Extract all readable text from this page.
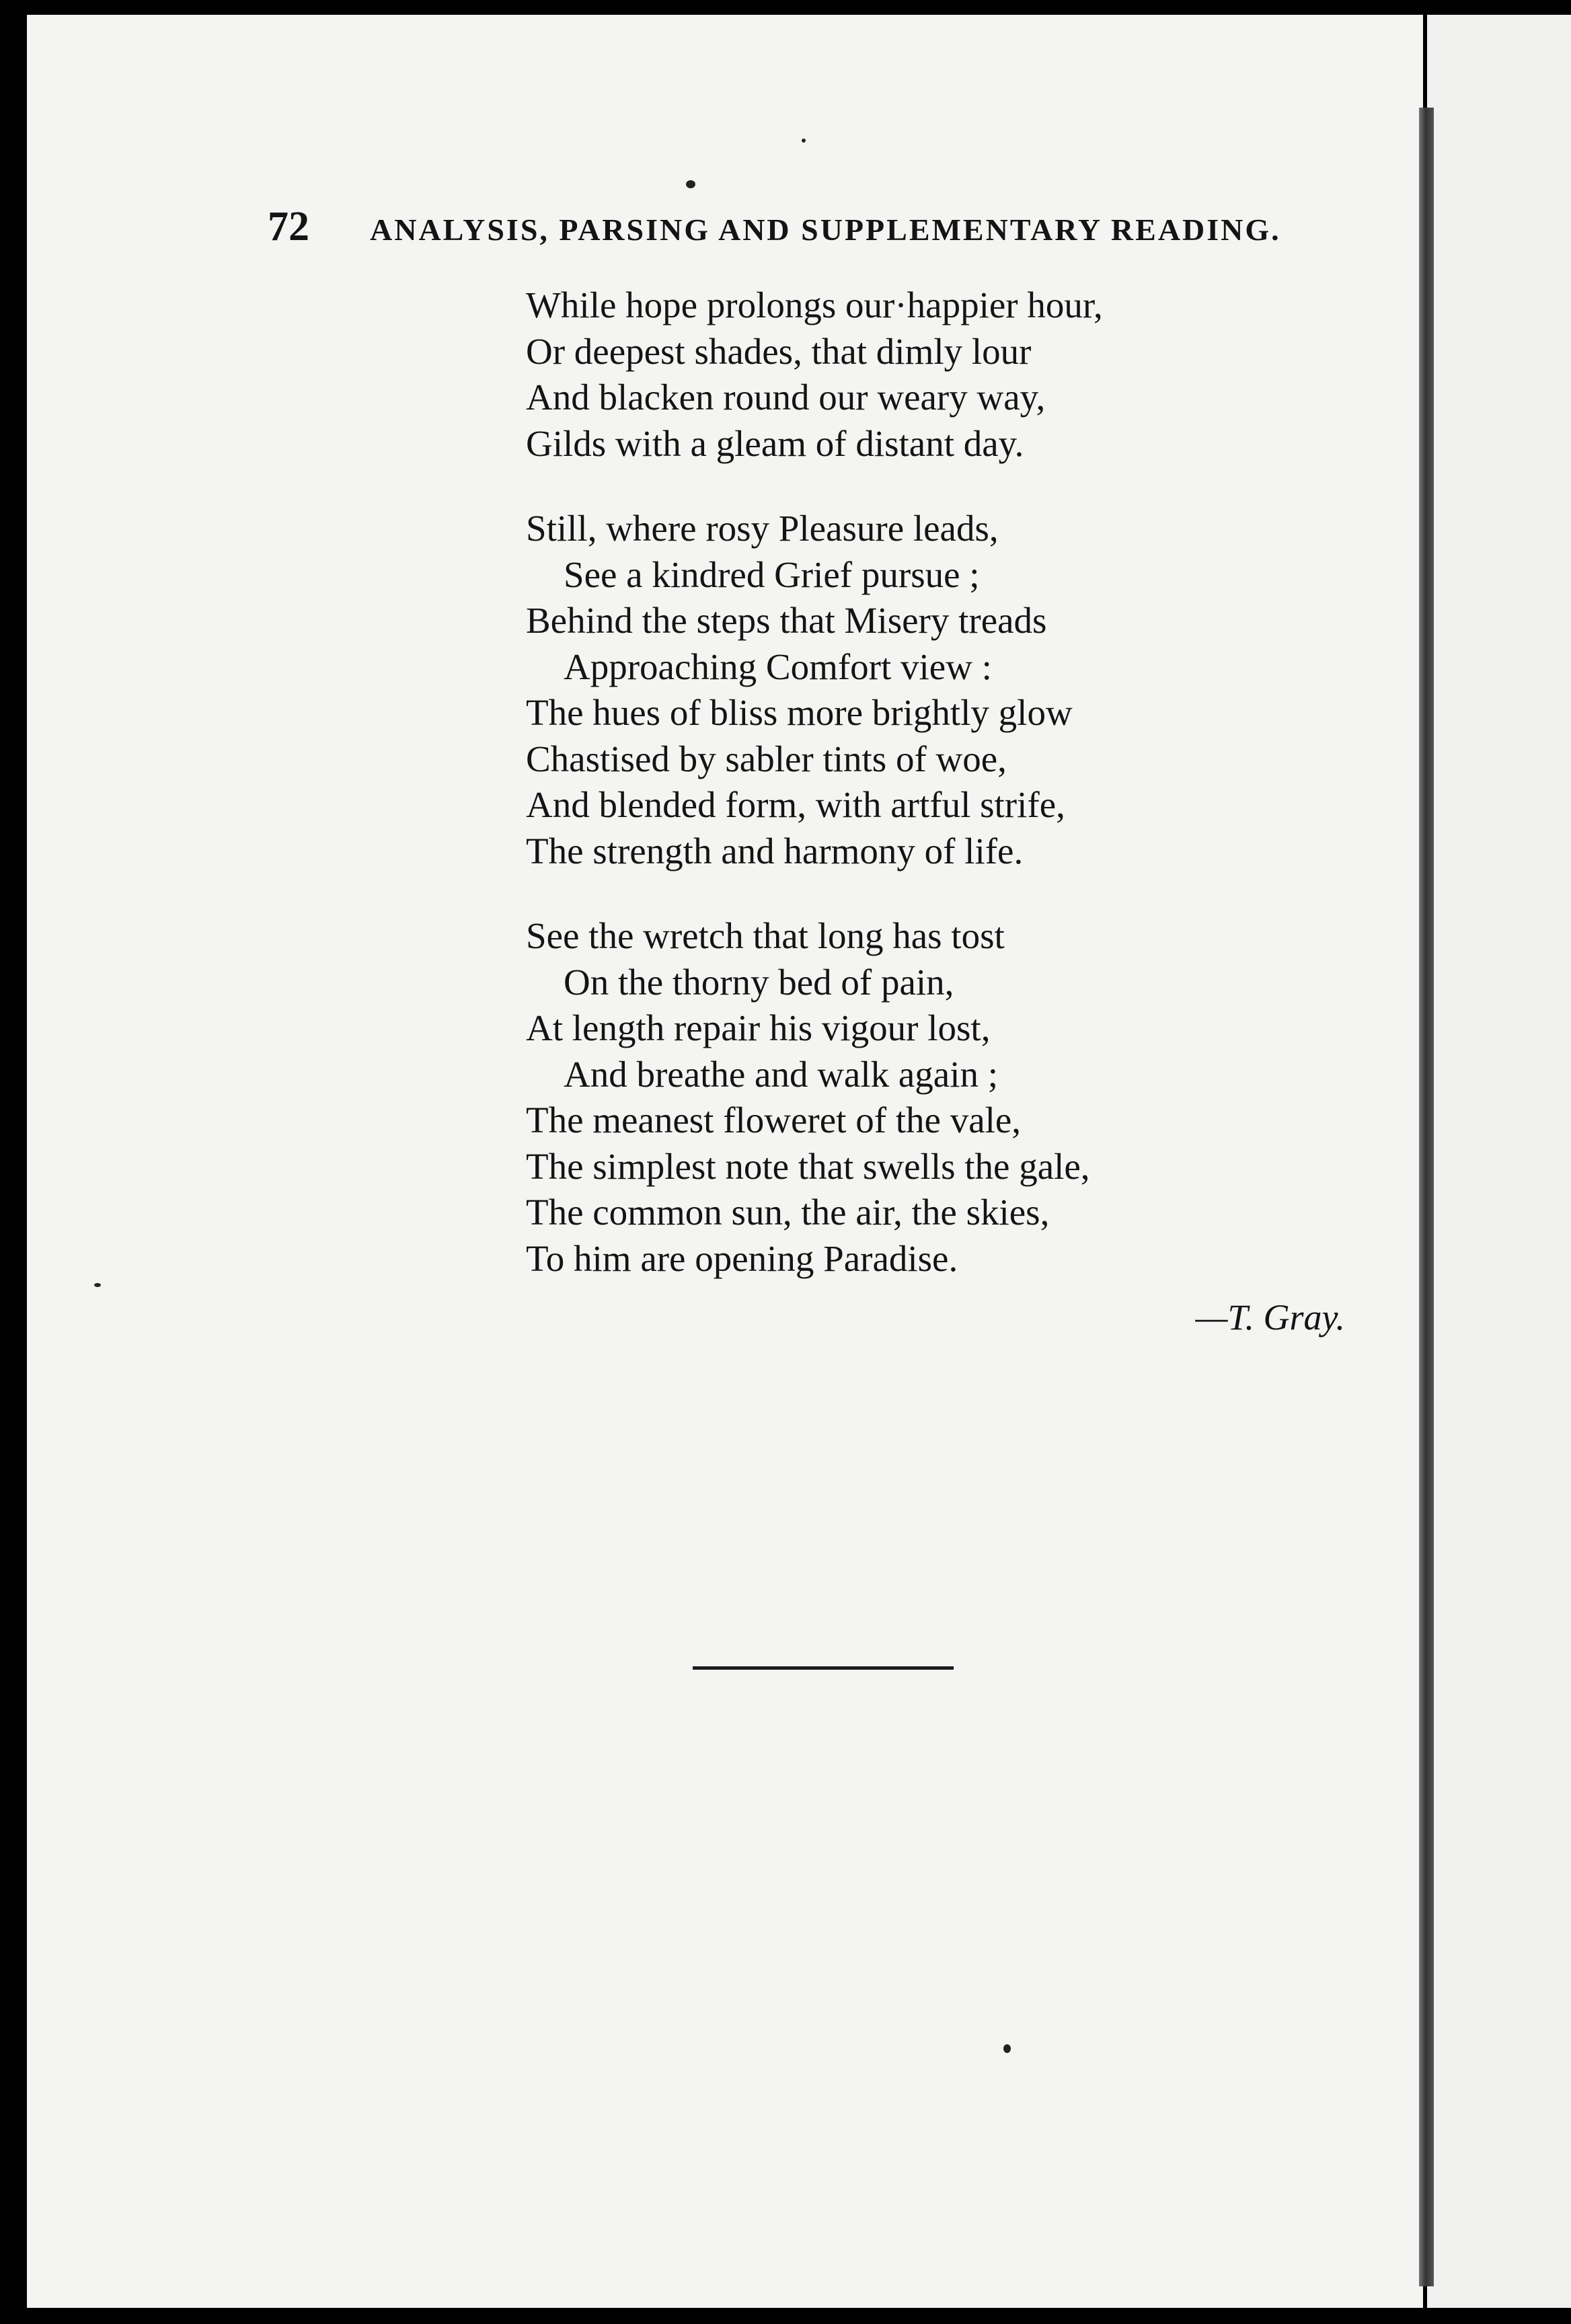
72 ANALYSIS, PARSING AND SUPPLEMENTARY READING.
While hope prolongs our·happier hour,
Or deepest shades, that dimly lour
And blacken round our weary way,
Gilds with a gleam of distant day.
Still, where rosy Pleasure leads,
See a kindred Grief pursue ;
Behind the steps that Misery treads
Approaching Comfort view :
The hues of bliss more brightly glow
Chastised by sabler tints of woe,
And blended form, with artful strife,
The strength and harmony of life.
See the wretch that long has tost
On the thorny bed of pain,
At length repair his vigour lost,
And breathe and walk again ;
The meanest floweret of the vale,
The simplest note that swells the gale,
The common sun, the air, the skies,
To him are opening Paradise.
—T. Gray.
